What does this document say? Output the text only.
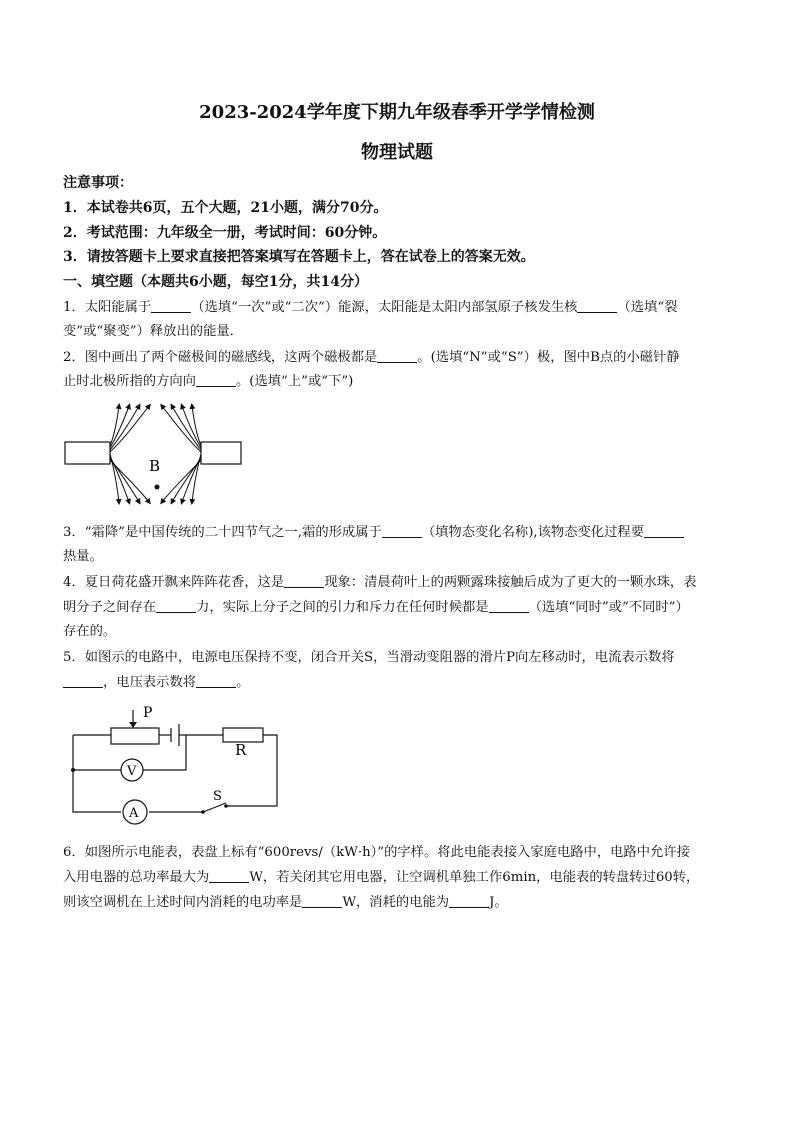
2023-2024学年度下期九年级春季开学学情检测
物理试题
注意事项：
1．本试卷共6页，五个大题，21小题，满分70分。
2．考试范围：九年级全一册，考试时间：60分钟。
3．请按答题卡上要求直接把答案填写在答题卡上，答在试卷上的答案无效。
一、填空题（本题共6小题，每空1分，共14分）
1．太阳能属于	（选填“一次”或“二次”）能源，太阳能是太阳内部氢原子核发生核	（选填“裂
变”或“聚变”）释放出的能量．
2．图中画出了两个磁极间的磁感线，这两个磁极都是	。(选填“N”或“S”）极，图中B点的小磁针静
止时北极所指的方向向	。(选填“上”或“下”)
B
3．“霜降”是中国传统的二十四节气之一,霜的形成属于	（填物态变化名称),该物态变化过程要
热量。
4．夏日荷花盛开飘来阵阵花香，这是	现象：清晨荷叶上的两颗露珠接触后成为了更大的一颗水珠，表
明分子之间存在	力，实际上分子之间的引力和斥力在任何时候都是	（选填“同时”或“不同时”）
存在的。
5．如图示的电路中，电源电压保持不变，闭合开关S，当滑动变阻器的滑片P向左移动时，电流表示数将
，电压表示数将	。
P
R
V
A
S
6．如图所示电能表，表盘上标有“600revs/（kW·h）”的字样。将此电能表接入家庭电路中，电路中允许接
入用电器的总功率最大为	W，若关闭其它用电器，让空调机单独工作6min，电能表的转盘转过60转，
则该空调机在上述时间内消耗的电功率是	W，消耗的电能为	J。
